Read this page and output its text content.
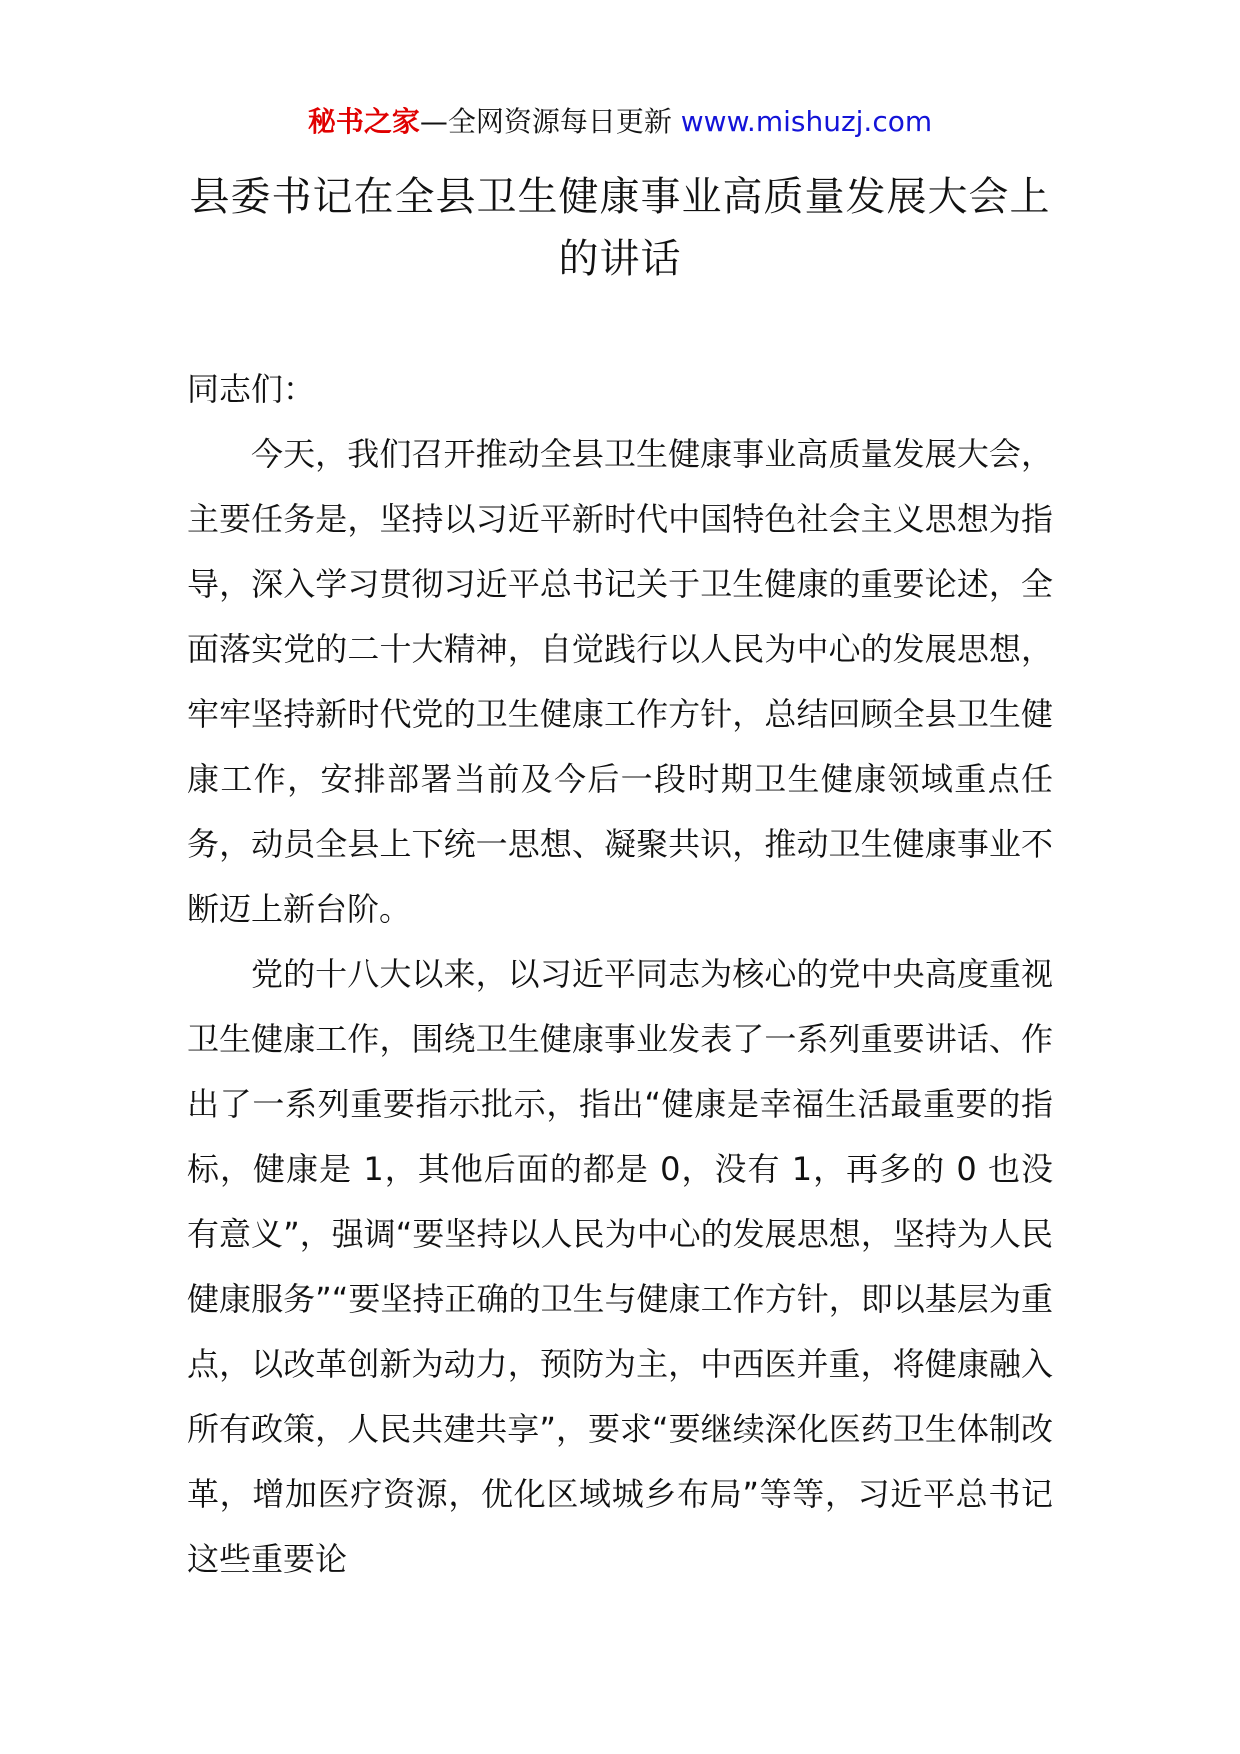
秘书之家—全网资源每日更新 www.mishuzj.com
县委书记在全县卫生健康事业高质量发展大会上的讲话

同志们：

今天，我们召开推动全县卫生健康事业高质量发展大会，主要任务是，坚持以习近平新时代中国特色社会主义思想为指导，深入学习贯彻习近平总书记关于卫生健康的重要论述，全面落实党的二十大精神，自觉践行以人民为中心的发展思想，牢牢坚持新时代党的卫生健康工作方针，总结回顾全县卫生健康工作，安排部署当前及今后一段时期卫生健康领域重点任务，动员全县上下统一思想、凝聚共识，推动卫生健康事业不断迈上新台阶。

党的十八大以来，以习近平同志为核心的党中央高度重视卫生健康工作，围绕卫生健康事业发表了一系列重要讲话、作出了一系列重要指示批示，指出“健康是幸福生活最重要的指标，健康是 1，其他后面的都是 0，没有 1，再多的 0 也没有意义”，强调“要坚持以人民为中心的发展思想，坚持为人民健康服务”“要坚持正确的卫生与健康工作方针，即以基层为重点，以改革创新为动力，预防为主，中西医并重，将健康融入所有政策，人民共建共享”，要求“要继续深化医药卫生体制改革，增加医疗资源，优化区域城乡布局”等等，习近平总书记这些重要论
